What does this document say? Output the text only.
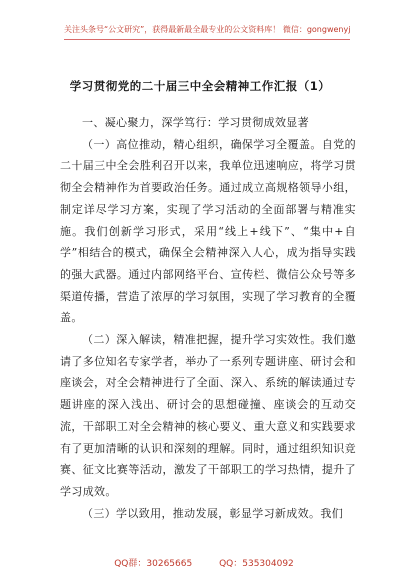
关注头条号“公文研究”，获得最新最全最专业的公文资料库！ 微信：gongwenyj
学习贯彻党的二十届三中全会精神工作汇报（1）

一、凝心聚力，深学笃行：学习贯彻成效显著

（一）高位推动，精心组织，确保学习全覆盖。自党的二十届三中全会胜利召开以来，我单位迅速响应，将学习贯彻全会精神作为首要政治任务。通过成立高规格领导小组，制定详尽学习方案，实现了学习活动的全面部署与精准实施。我们创新学习形式，采用“线上+线下”、“集中+自学”相结合的模式，确保全会精神深入人心，成为指导实践的强大武器。通过内部网络平台、宣传栏、微信公众号等多渠道传播，营造了浓厚的学习氛围，实现了学习教育的全覆盖。

（二）深入解读，精准把握，提升学习实效性。我们邀请了多位知名专家学者，举办了一系列专题讲座、研讨会和座谈会，对全会精神进行了全面、深入、系统的解读通过专题讲座的深入浅出、研讨会的思想碰撞、座谈会的互动交流，干部职工对全会精神的核心要义、重大意义和实践要求有了更加清晰的认识和深刻的理解。同时，通过组织知识竞赛、征文比赛等活动，激发了干部职工的学习热情，提升了学习成效。

（三）学以致用，推动发展，彰显学习新成效。我们

QQ群：30265665	QQ：535304092
